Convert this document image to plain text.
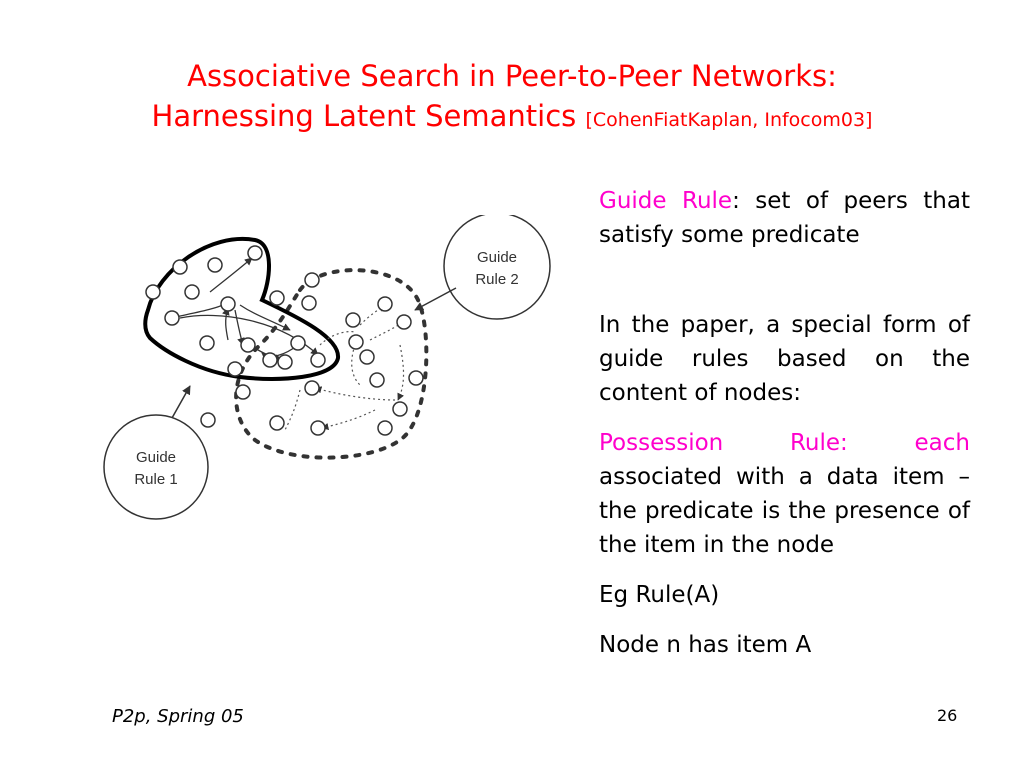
Associative Search in Peer-to-Peer Networks:
Harnessing Latent Semantics [CohenFiatKaplan, Infocom03]
Guide
Rule 1
Guide
Rule 2

Guide Rule: set of peers that satisfy some predicate

In the paper, a special form of guide rules based on the content of nodes:

Possession Rule: each associated with a data item – the predicate is the presence of the item in the node

Eg Rule(A)

Node n has item A

P2p, Spring 05	26
